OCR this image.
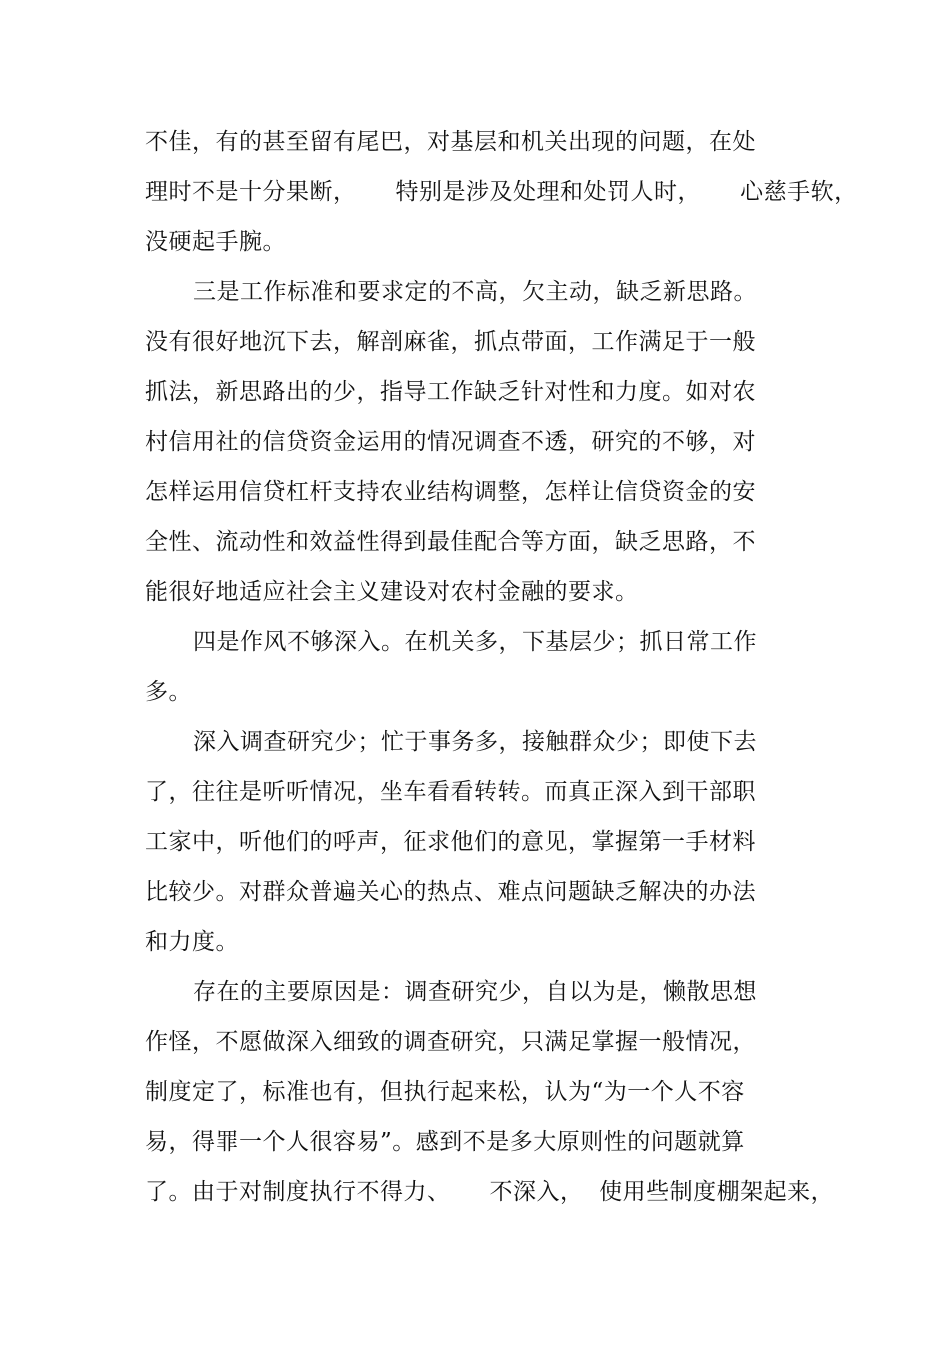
不佳，有的甚至留有尾巴，对基层和机关出现的问题，在处
理时不是十分果断，     特别是涉及处理和处罚人时，     心慈手软，
没硬起手腕。
三是工作标准和要求定的不高，欠主动，缺乏新思路。
没有很好地沉下去，解剖麻雀，抓点带面，工作满足于一般
抓法，新思路出的少，指导工作缺乏针对性和力度。如对农
村信用社的信贷资金运用的情况调查不透，研究的不够，对
怎样运用信贷杠杆支持农业结构调整，怎样让信贷资金的安
全性、流动性和效益性得到最佳配合等方面，缺乏思路，不
能很好地适应社会主义建设对农村金融的要求。
四是作风不够深入。在机关多，下基层少；抓日常工作
多。
深入调查研究少；忙于事务多，接触群众少；即使下去
了，往往是听听情况，坐车看看转转。而真正深入到干部职
工家中，听他们的呼声，征求他们的意见，掌握第一手材料
比较少。对群众普遍关心的热点、难点问题缺乏解决的办法
和力度。
存在的主要原因是：调查研究少，自以为是，懒散思想
作怪，不愿做深入细致的调查研究，只满足掌握一般情况，
制度定了，标准也有，但执行起来松，认为“为一个人不容
易，得罪一个人很容易”。感到不是多大原则性的问题就算
了。由于对制度执行不得力、     不深入，  使用些制度棚架起来，
